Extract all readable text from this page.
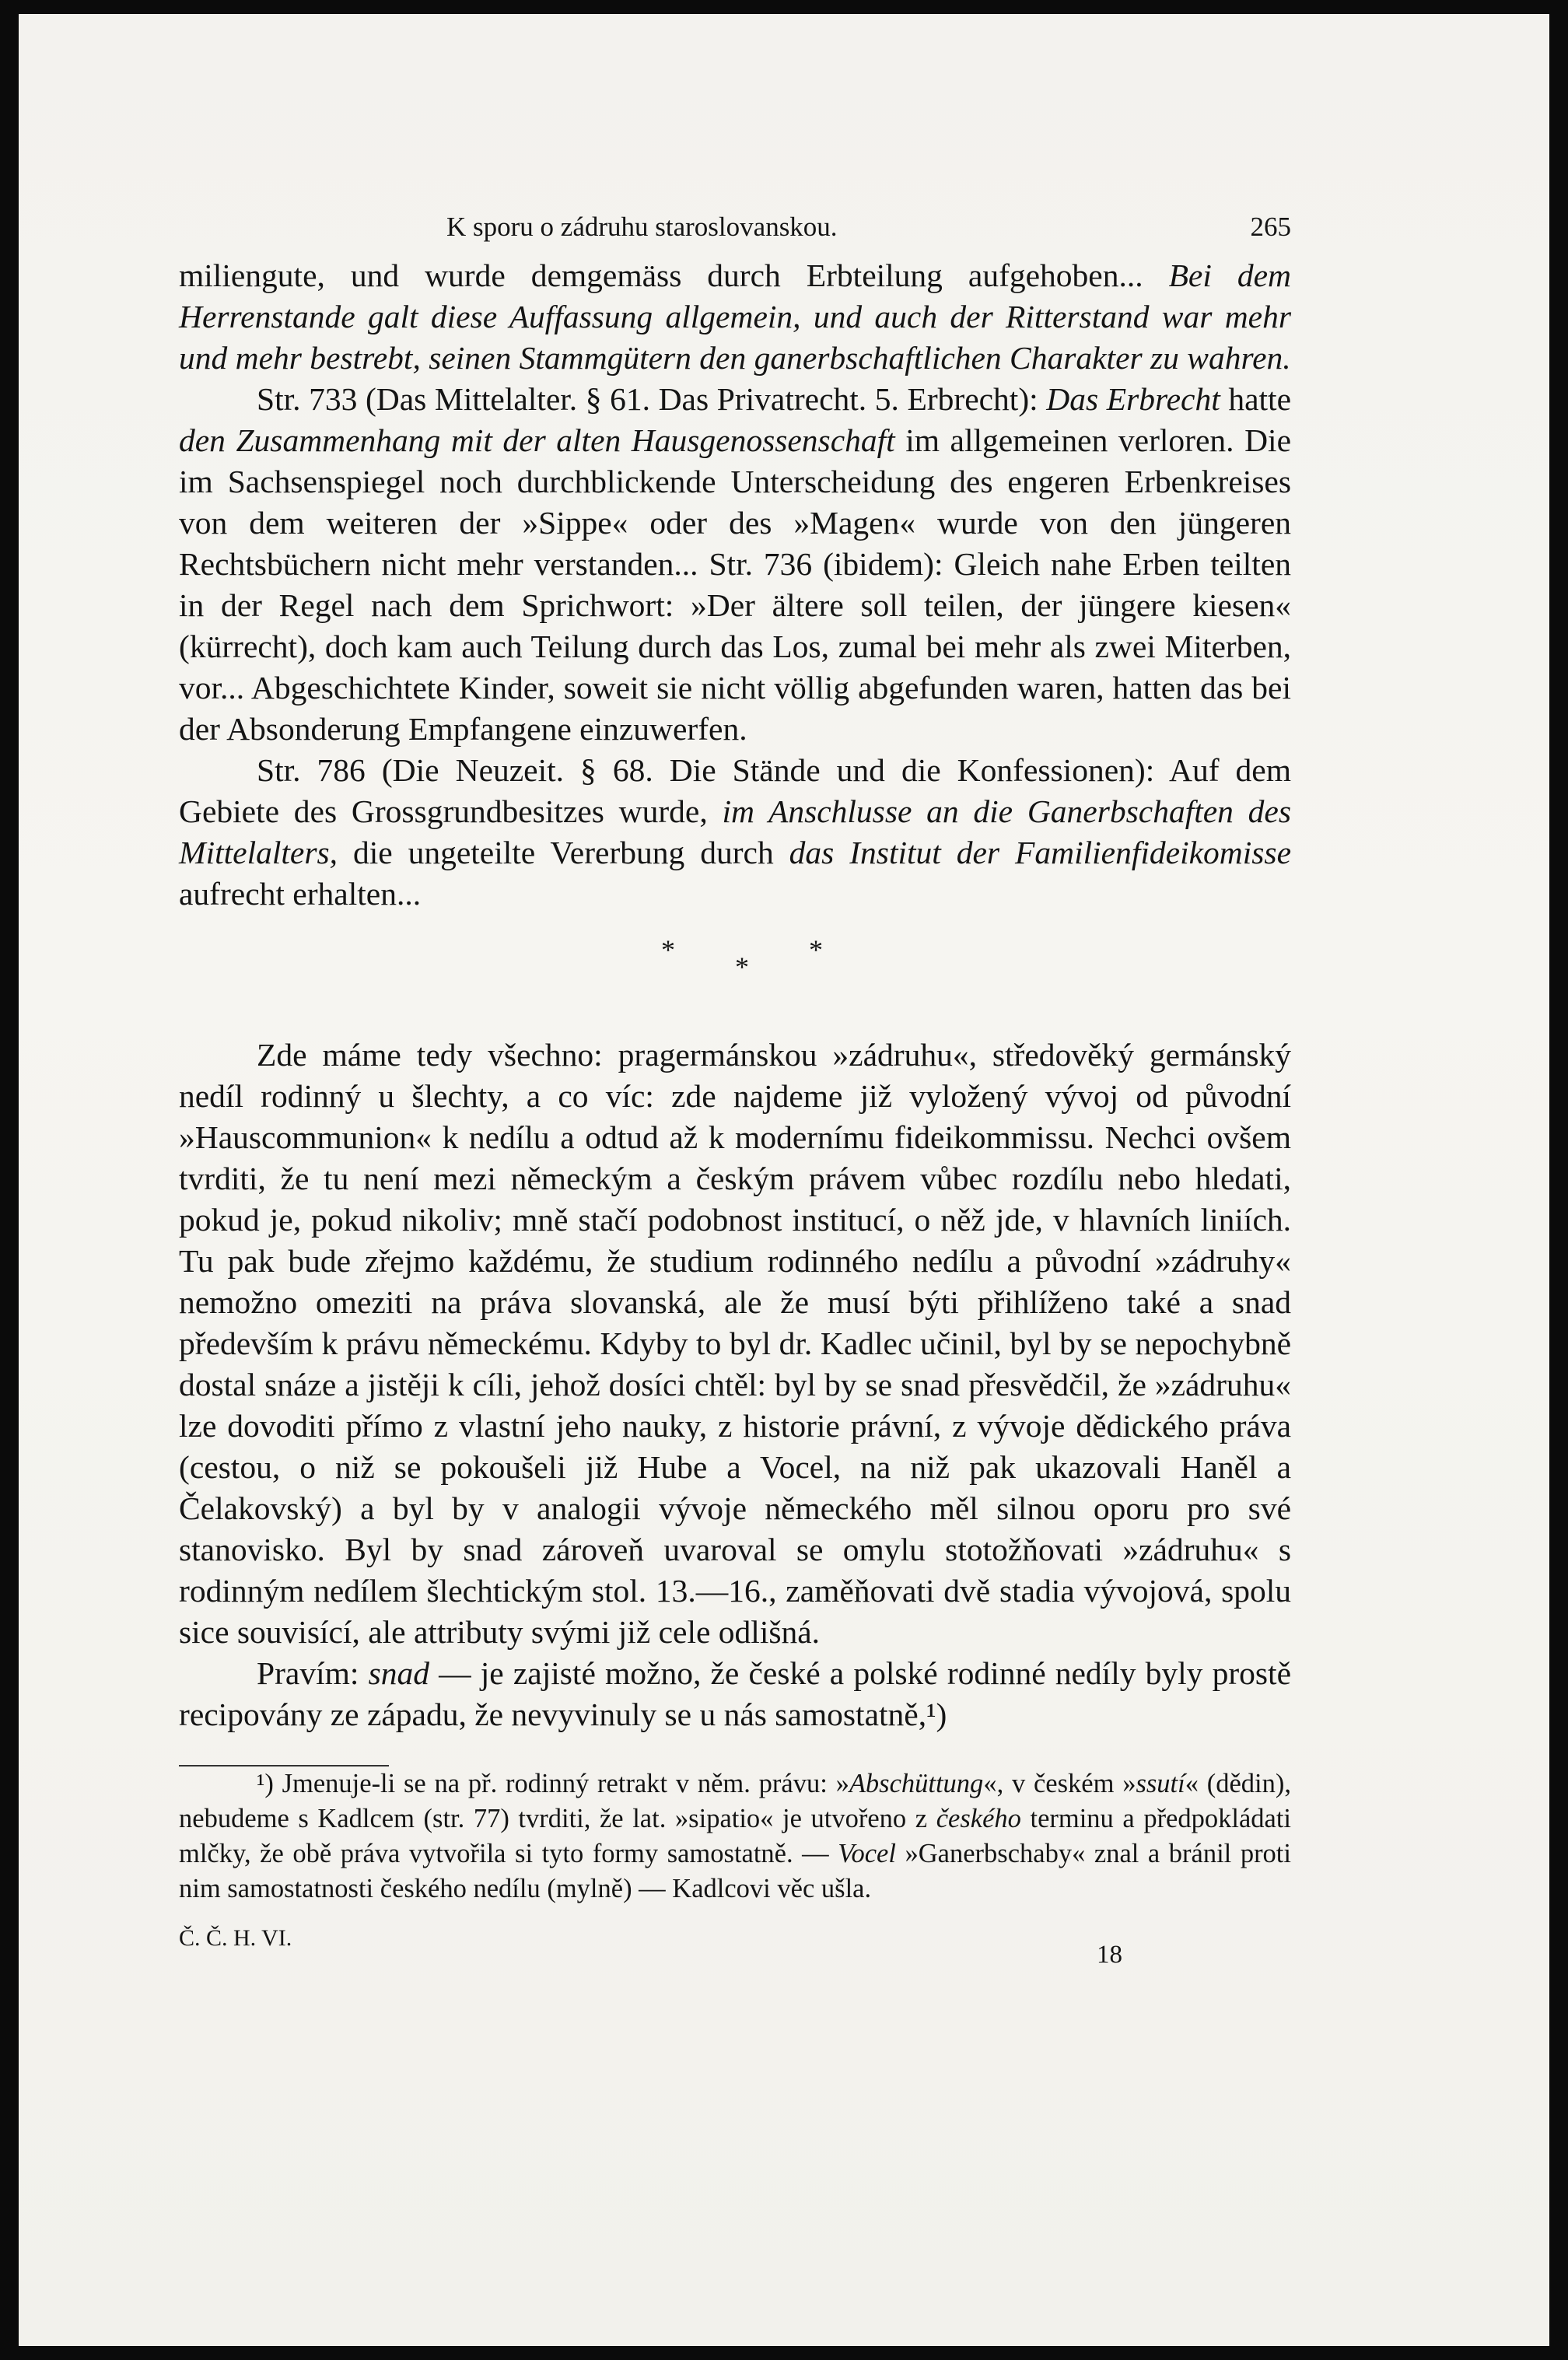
K sporu o zádruhu staroslovanskou.	265

miliengute, und wurde demgemäss durch Erbteilung aufgehoben... Bei dem Herrenstande galt diese Auffassung allgemein, und auch der Ritterstand war mehr und mehr bestrebt, seinen Stammgütern den ganerbschaftlichen Charakter zu wahren.

Str. 733 (Das Mittelalter. § 61. Das Privatrecht. 5. Erbrecht): Das Erbrecht hatte den Zusammenhang mit der alten Hausgenossenschaft im allgemeinen verloren. Die im Sachsenspiegel noch durchblickende Unterscheidung des engeren Erbenkreises von dem weiteren der »Sippe« oder des »Magen« wurde von den jüngeren Rechtsbüchern nicht mehr verstanden... Str. 736 (ibidem): Gleich nahe Erben teilten in der Regel nach dem Sprichwort: »Der ältere soll teilen, der jüngere kiesen« (kürrecht), doch kam auch Teilung durch das Los, zumal bei mehr als zwei Miterben, vor... Abgeschichtete Kinder, soweit sie nicht völlig abgefunden waren, hatten das bei der Absonderung Empfangene einzuwerfen.

Str. 786 (Die Neuzeit. § 68. Die Stände und die Konfessionen): Auf dem Gebiete des Grossgrundbesitzes wurde, im Anschlusse an die Ganerbschaften des Mittelalters, die ungeteilte Vererbung durch das Institut der Familienfideikomisse aufrecht erhalten...

*
*
*

Zde máme tedy všechno: pragermánskou »zádruhu«, středověký germánský nedíl rodinný u šlechty, a co víc: zde najdeme již vyložený vývoj od původní »Hauscommunion« k nedílu a odtud až k modernímu fideikommissu. Nechci ovšem tvrditi, že tu není mezi německým a českým právem vůbec rozdílu nebo hledati, pokud je, pokud nikoliv; mně stačí podobnost institucí, o něž jde, v hlavních liniích. Tu pak bude zřejmo každému, že studium rodinného nedílu a původní »zádruhy« nemožno omeziti na práva slovanská, ale že musí býti přihlíženo také a snad především k právu německému. Kdyby to byl dr. Kadlec učinil, byl by se nepochybně dostal snáze a jistěji k cíli, jehož dosíci chtěl: byl by se snad přesvědčil, že »zádruhu« lze dovoditi přímo z vlastní jeho nauky, z historie právní, z vývoje dědického práva (cestou, o niž se pokoušeli již Hube a Vocel, na niž pak ukazovali Haněl a Čelakovský) a byl by v analogii vývoje německého měl silnou oporu pro své stanovisko. Byl by snad zároveň uvaroval se omylu stotožňovati »zádruhu« s rodinným nedílem šlechtickým stol. 13.—16., zaměňovati dvě stadia vývojová, spolu sice souvisící, ale attributy svými již cele odlišná.

Pravím: snad — je zajisté možno, že české a polské rodinné nedíly byly prostě recipovány ze západu, že nevyvinuly se u nás samostatně,¹)

¹) Jmenuje-li se na př. rodinný retrakt v něm. právu: »Abschüttung«, v českém »ssutí« (dědin), nebudeme s Kadlcem (str. 77) tvrditi, že lat. »sipatio« je utvořeno z českého terminu a předpokládati mlčky, že obě práva vytvořila si tyto formy samostatně. — Vocel »Ganerbschaby« znal a bránil proti nim samostatnosti českého nedílu (mylně) — Kadlcovi věc ušla.

Č. Č. H. VI.
18
